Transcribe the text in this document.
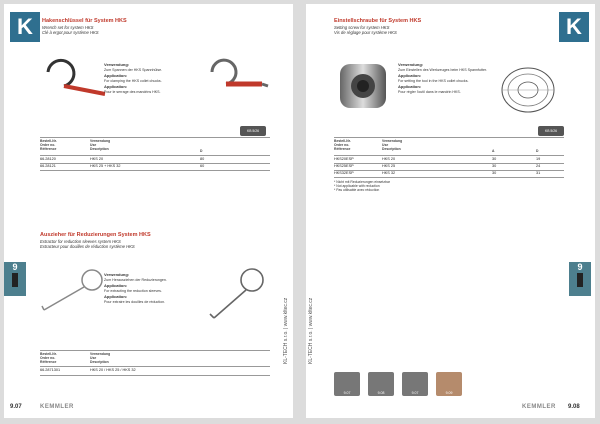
K	Hakenschlüssel für System HKS
Wrench set for system HKS
Clé à ergot pour système HKS
Verwendung:
Zum Spannen der HKS Spannhülse.
Application:
For clamping the HKS collet chucks.
Application:
Pour le serrage des mandrins HKS.
KB 5/26
Bestell-Nr.
Order no.
Référence
Verwendung
Use
Description	D
66.28120	HKS 20	80
66.28121	HKS 25 + HKS 32	60
Auszieher für Reduzierungen System HKS
Extractor for reduction sleeves system HKS
Extracteur pour douilles de réduction système HKS
Verwendung:
Zum Herausziehen der Reduzierungen.
Application:
For extracting the reduction sleeves.
Application:
Pour extraire les douilles de réduction.
Bestell-Nr.
Order no.
Référence
Verwendung
Use
Description
66.2871301	HKS 20 / HKS 25 / HKS 32
9
KL-TECH s.r.o. | www.kltec.cz
9.07	KEMMLER
K
Einstellschraube für System HKS
Setting screw for system HKS
Vis de réglage pour système HKS
Verwendung:
Zum Einstellen des Werkzeuges beim HKS Spannfutter.
Application:
For setting the tool in the HKS collet chucks.
Application:
Pour régler l'outil dans le mandrin HKS.
KB 5/26
Bestell-Nr.
Order no.
Référence
Verwendung
Use
Description	A	D
HKS20ESP	HKS 20	30	19
HKS25ESP	HKS 25	30	24
HKS32ESP	HKS 32	30	31
* Nicht mit Reduzierungen einsetzbar
* Not applicable with reduction
* Pas utilisable avec réduction
9.07	9.08	9.07	9.09
9
KL-TECH s.r.o. | www.kltec.cz
KEMMLER 9.08
